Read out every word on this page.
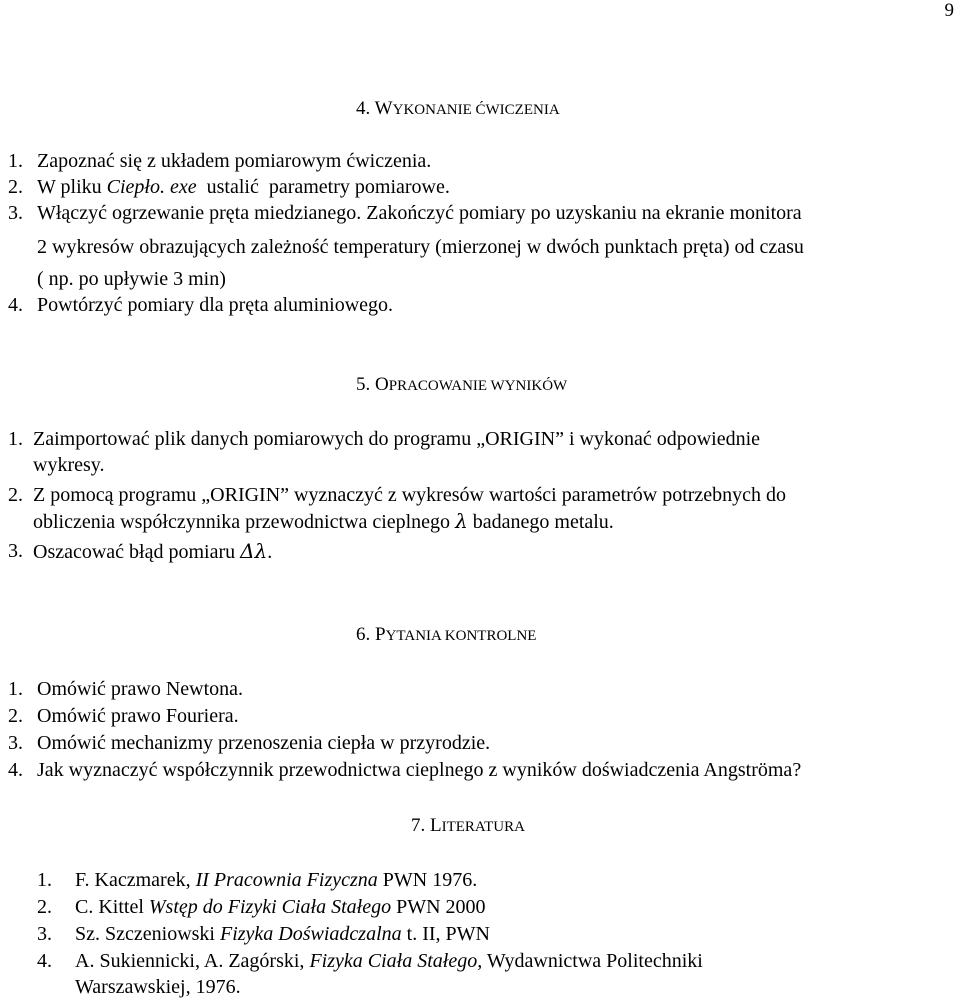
9
4. WYKONANIE ĆWICZENIA
1. Zapoznać się z układem pomiarowym ćwiczenia.
2. W pliku Ciepło. exe  ustalić  parametry pomiarowe.
3. Włączyć ogrzewanie pręta miedzianego. Zakończyć pomiary po uzyskaniu na ekranie monitora
2 wykresów obrazujących zależność temperatury (mierzonej w dwóch punktach pręta) od czasu
( np. po upływie 3 min)
4. Powtórzyć pomiary dla pręta aluminiowego.
5. OPRACOWANIE WYNIKÓW
1. Zaimportować plik danych pomiarowych do programu „ORIGIN” i wykonać odpowiednie
wykresy.
2. Z pomocą programu „ORIGIN” wyznaczyć z wykresów wartości parametrów potrzebnych do
obliczenia współczynnika przewodnictwa cieplnego λ badanego metalu.
3. Oszacować błąd pomiaru Δλ.
6. PYTANIA KONTROLNE
1. Omówić prawo Newtona.
2. Omówić prawo Fouriera.
3. Omówić mechanizmy przenoszenia ciepła w przyrodzie.
4. Jak wyznaczyć współczynnik przewodnictwa cieplnego z wyników doświadczenia Angströma?
7. LITERATURA
1. F. Kaczmarek, II Pracownia Fizyczna PWN 1976.
2. C. Kittel Wstęp do Fizyki Ciała Stałego PWN 2000
3. Sz. Szczeniowski Fizyka Doświadczalna t. II, PWN
4. A. Sukiennicki, A. Zagórski, Fizyka Ciała Stałego, Wydawnictwa Politechniki
Warszawskiej, 1976.
